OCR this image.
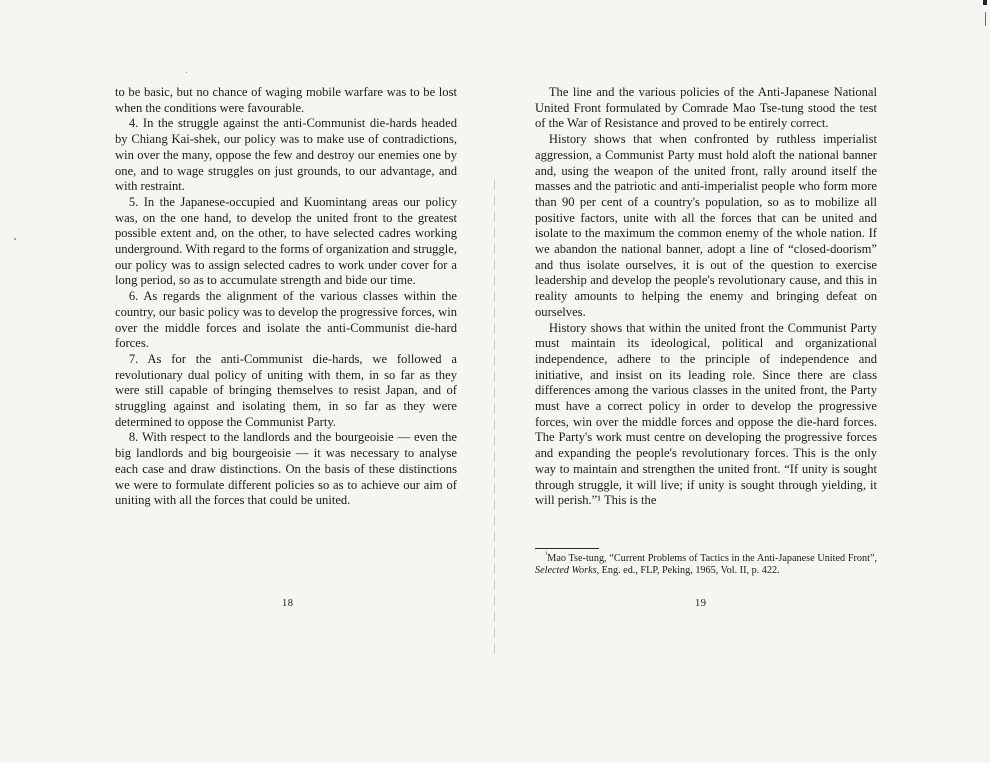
to be basic, but no chance of waging mobile warfare was to be lost when the conditions were favourable.

4. In the struggle against the anti-Communist die-hards headed by Chiang Kai-shek, our policy was to make use of contradictions, win over the many, oppose the few and destroy our enemies one by one, and to wage struggles on just grounds, to our advantage, and with restraint.

5. In the Japanese-occupied and Kuomintang areas our policy was, on the one hand, to develop the united front to the greatest possible extent and, on the other, to have selected cadres working underground. With regard to the forms of organization and struggle, our policy was to assign selected cadres to work under cover for a long period, so as to accumulate strength and bide our time.

6. As regards the alignment of the various classes within the country, our basic policy was to develop the progressive forces, win over the middle forces and isolate the anti-Communist die-hard forces.

7. As for the anti-Communist die-hards, we followed a revolutionary dual policy of uniting with them, in so far as they were still capable of bringing themselves to resist Japan, and of struggling against and isolating them, in so far as they were determined to oppose the Communist Party.

8. With respect to the landlords and the bourgeoisie — even the big landlords and big bourgeoisie — it was necessary to analyse each case and draw distinctions. On the basis of these distinctions we were to formulate different policies so as to achieve our aim of uniting with all the forces that could be united.

18

The line and the various policies of the Anti-Japanese National United Front formulated by Comrade Mao Tse-tung stood the test of the War of Resistance and proved to be entirely correct.

History shows that when confronted by ruthless imperialist aggression, a Communist Party must hold aloft the national banner and, using the weapon of the united front, rally around itself the masses and the patriotic and anti-imperialist people who form more than 90 per cent of a country's population, so as to mobilize all positive factors, unite with all the forces that can be united and isolate to the maximum the common enemy of the whole nation. If we abandon the national banner, adopt a line of “closed-doorism” and thus isolate ourselves, it is out of the question to exercise leadership and develop the people's revolutionary cause, and this in reality amounts to helping the enemy and bringing defeat on ourselves.

History shows that within the united front the Communist Party must maintain its ideological, political and organizational independence, adhere to the principle of independence and initiative, and insist on its leading role. Since there are class differences among the various classes in the united front, the Party must have a correct policy in order to develop the progressive forces, win over the middle forces and oppose the die-hard forces. The Party's work must centre on developing the progressive forces and expanding the people's revolutionary forces. This is the only way to maintain and strengthen the united front. “If unity is sought through struggle, it will live; if unity is sought through yielding, it will perish.”¹ This is the

$^{^1}$Mao Tse-tung, “Current Problems of Tactics in the Anti-Japanese United Front”, Selected Works, Eng. ed., FLP, Peking, 1965, Vol. II, p. 422.
19
